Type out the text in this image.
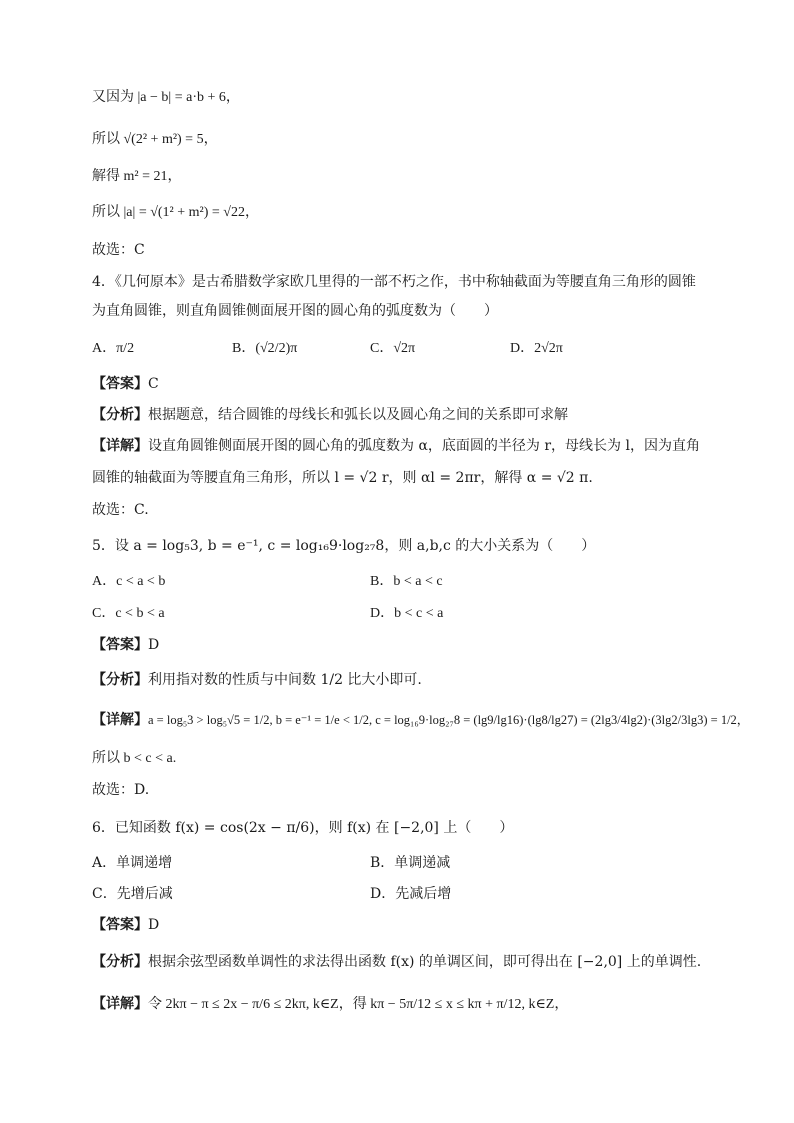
又因为 |a − b| = a·b + 6，
所以 √(2² + m²) = 5，
解得 m² = 21，
所以 |a| = √(1² + m²) = √22，
故选：C
4．《几何原本》是古希腊数学家欧几里得的一部不朽之作，书中称轴截面为等腰直角三角形的圆锥
为直角圆锥，则直角圆锥侧面展开图的圆心角的弧度数为（　　）
A．π/2	B．(√2/2)π	C．√2π	D．2√2π
【答案】C
【分析】根据题意，结合圆锥的母线长和弧长以及圆心角之间的关系即可求解
【详解】设直角圆锥侧面展开图的圆心角的弧度数为 α，底面圆的半径为 r，母线长为 l，因为直角
圆锥的轴截面为等腰直角三角形，所以 l = √2 r，则 αl = 2πr，解得 α = √2 π.
故选：C.
5．设 a = log₅3, b = e⁻¹, c = log₁₆9·log₂₇8，则 a,b,c 的大小关系为（　　）
A．c < a < b	B．b < a < c
C．c < b < a	D．b < c < a
【答案】D
【分析】利用指对数的性质与中间数 1/2 比大小即可.
【详解】a = log₅3 > log₅√5 = 1/2, b = e⁻¹ = 1/e < 1/2, c = log₁₆9·log₂₇8 = (lg9/lg16)·(lg8/lg27) = (2lg3/4lg2)·(3lg2/3lg3) = 1/2，
所以 b < c < a.
故选：D.
6．已知函数 f(x) = cos(2x − π/6)，则 f(x) 在 [−2,0] 上（　　）
A．单调递增	B．单调递减
C．先增后减	D．先减后增
【答案】D
【分析】根据余弦型函数单调性的求法得出函数 f(x) 的单调区间，即可得出在 [−2,0] 上的单调性.
【详解】令 2kπ − π ≤ 2x − π/6 ≤ 2kπ, k∈Z，得 kπ − 5π/12 ≤ x ≤ kπ + π/12, k∈Z，
